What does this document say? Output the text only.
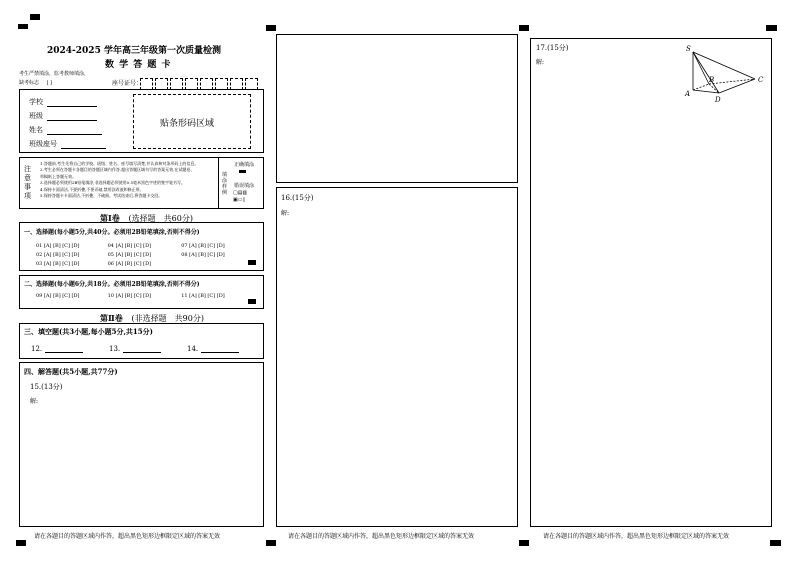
2024-2025 学年高三年级第一次质量检测
数 学 答 题 卡
考生严禁填涂，监考教师填涂，
缺考标志 [ ]	座号证号：
学校
班级
姓名
班级座号
贴条形码区域
注意事项
1.答题前,考生先将自己的学校、班级、姓名、座号填写清楚,并认真核对条形码上的信息。
2.考生必须在答题卡各题目的答题区域内作答,超出答题区域书写的答案无效,在试题卷、
草稿纸上答题无效。
3.选择题必须使用2B铅笔填涂;非选择题必须使用0.5毫米黑色字迹的签字笔书写。
4.保持卡面清洁,不要折叠,不要弄破,禁用涂改液和修正带。
5.保持答题卡卡面清洁,不折叠、不破损。考试结束后,将答题卡交回。
正确填涂
填涂样例
错误填涂
▢▤▥
▣▭▯
第Ⅰ卷 (选择题　共60分)
一、选择题(每小题5分,共40分。必须用2B铅笔填涂,否则不得分)
01 [A] [B] [C] [D]	04 [A] [B] [C] [D]	07 [A] [B] [C] [D]
02 [A] [B] [C] [D]	05 [A] [B] [C] [D]	08 [A] [B] [C] [D]
03 [A] [B] [C] [D]	06 [A] [B] [C] [D]
二、选择题(每小题6分,共18分。必须用2B铅笔填涂,否则不得分)
09 [A] [B] [C] [D]	10 [A] [B] [C] [D]	11 [A] [B] [C] [D]
第Ⅱ卷 (非选择题　共90分)
三、填空题(共3小题,每小题5分,共15分)
12.	13.	14.
四、解答题(共5小题,共77分)
15.(13分)
解:
16.(15分)
解:
17.(15分)
解:
S
A
B	C
D
请在各题目的答题区域内作答，超出黑色矩形边框限定区域的答案无效	请在各题目的答题区域内作答，超出黑色矩形边框限定区域的答案无效	请在各题目的答题区域内作答，超出黑色矩形边框限定区域的答案无效
